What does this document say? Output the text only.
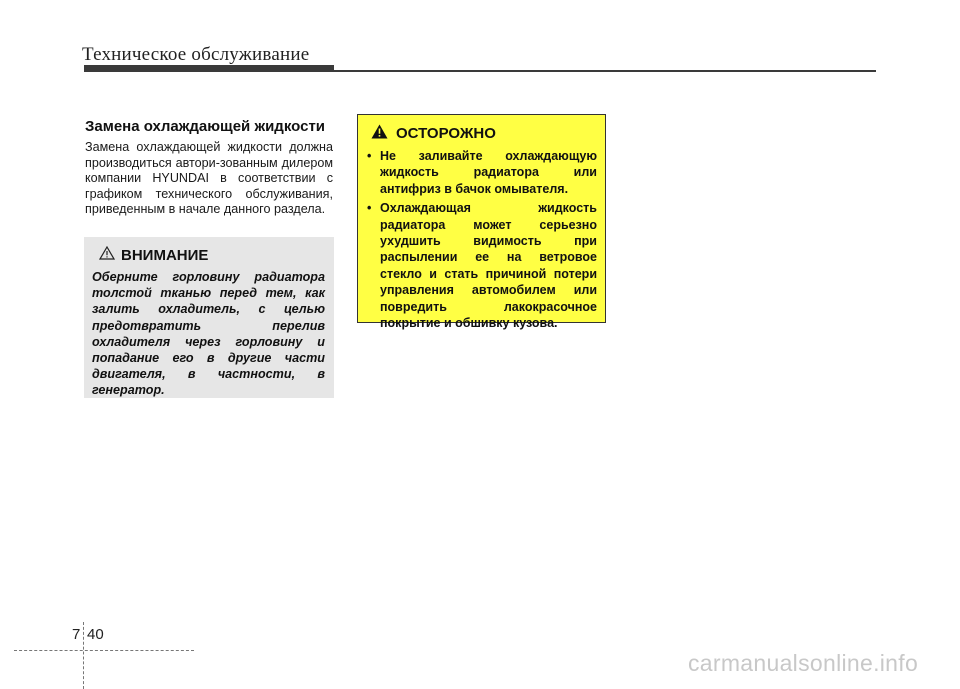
Техническое обслуживание
Замена охлаждающей жидкости
Замена охлаждающей жидкости должна производиться автори-зованным дилером компании HYUNDAI в соответствии с графиком технического обслуживания, приведенным в начале данного раздела.
ВНИМАНИЕ
Оберните горловину радиатора толстой тканью перед тем, как залить охладитель, с целью предотвратить перелив охладителя через горловину и попадание его в другие части двигателя, в частности, в генератор.
ОСТОРОЖНО
• Не заливайте охлаждающую жидкость радиатора или антифриз в бачок омывателя.
• Охлаждающая жидкость радиатора может серьезно ухудшить видимость при распылении ее на ветровое стекло и стать причиной потери управления автомобилем или повредить лакокрасочное покрытие и обшивку кузова.
7 40
carmanualsonline.info
